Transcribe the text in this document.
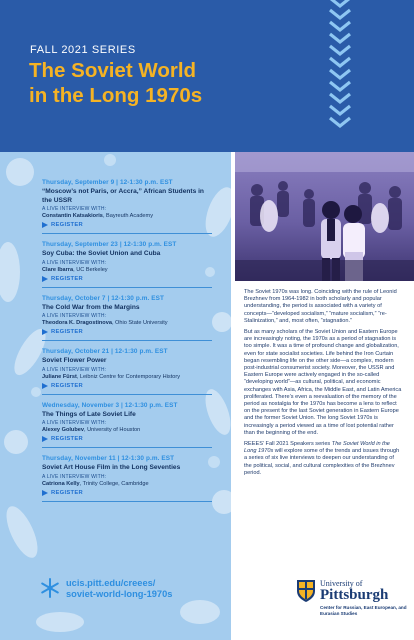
FALL 2021 SERIES
The Soviet World
in the Long 1970s
Thursday, September 9 | 12-1:30 p.m. EST
“Moscow’s not Paris, or Accra,” African Students in the USSR
A LIVE INTERVIEW WITH:
Constantin Katsakioris, Bayreuth Academy
REGISTER
Thursday, September 23 | 12-1:30 p.m. EST
Soy Cuba: the Soviet Union and Cuba
A LIVE INTERVIEW WITH:
Clare Ibarra, UC Berkeley
REGISTER
Thursday, October 7 | 12-1:30 p.m. EST
The Cold War from the Margins
A LIVE INTERVIEW WITH:
Theodora K. Dragostinova, Ohio State University
REGISTER
Thursday, October 21 | 12-1:30 p.m. EST
Soviet Flower Power
A LIVE INTERVIEW WITH:
Juliane Fürst, Leibniz Centre for Contemporary History
REGISTER
Wednesday, November 3 | 12-1:30 p.m. EST
The Things of Late Soviet Life
A LIVE INTERVIEW WITH:
Alexey Golubev, University of Houston
REGISTER
Thursday, November 11 | 12-1:30 p.m. EST
Soviet Art House Film in the Long Seventies
A LIVE INTERVIEW WITH:
Catriona Kelly, Trinity College, Cambridge
REGISTER
ucis.pitt.edu/creees/
soviet-world-long-1970s

The Soviet 1970s was long. Coinciding with the rule of Leonid Brezhnev from 1964-1982 in both scholarly and popular understanding, the period is associated with a variety of concepts—“developed socialism,” “mature socialism,” “re-Stalinization,” and, most often, “stagnation.”

But as many scholars of the Soviet Union and Eastern Europe are increasingly noting, the 1970s as a period of stagnation is too simple. It was a time of profound change and globalization, even for state socialist societies. Life behind the Iron Curtain began resembling life on the other side—a complex, modern post-industrial consumerist society. Moreover, the USSR and Eastern Europe were actively engaged in the so-called “developing world”—as cultural, political, and economic exchanges with Asia, Africa, the Middle East, and Latin America proliferated. There’s even a reevaluation of the memory of the period as nostalgia for the 1970s has become a lens to reflect on the present for the last Soviet generation in Eastern Europe and the former Soviet Union. The long Soviet 1970s is increasingly a period viewed as a time of lost potential rather than the beginning of the end.

REEES’ Fall 2021 Speakers series The Soviet World in the Long 1970s will explore some of the trends and issues through a series of six live interviews to deepen our understanding of the political, social, and cultural complexities of the Brezhnev period.

University of
Pittsburgh
Center for Russian, East European, and Eurasian Studies
